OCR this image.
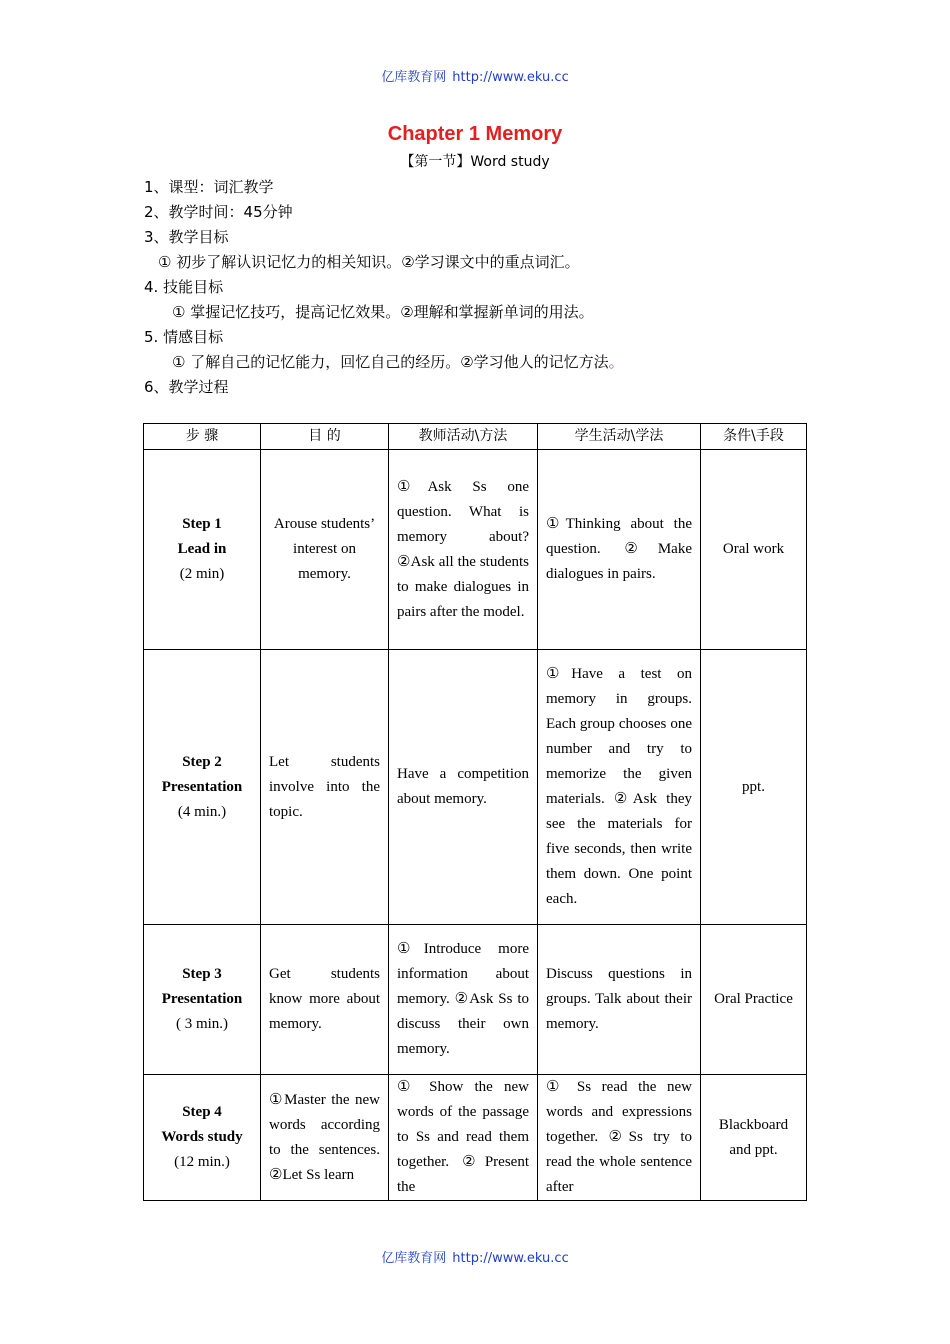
亿库教育网 http://www.eku.cc
Chapter 1 Memory
【第一节】Word study
1、课型：词汇教学
2、教学时间：45分钟
3、教学目标
① 初步了解认识记忆力的相关知识。②学习课文中的重点词汇。
4. 技能目标
① 掌握记忆技巧，提高记忆效果。②理解和掌握新单词的用法。
5. 情感目标
① 了解自己的记忆能力，回忆自己的经历。②学习他人的记忆方法。
6、教学过程
步 骤	目 的	教师活动\方法	学生活动\学法	条件\手段

Step 1
Lead in
(2 min)	Arouse students’ interest on memory.	①Ask Ss one question. What is memory about? ②Ask all the students to make dialogues in pairs after the model.	①Thinking about the question. ②Make dialogues in pairs.	Oral work

Step 2
Presentation
(4 min.)	Let students involve into the topic.	Have a competition about memory.	①Have a test on memory in groups. Each group chooses one number and try to memorize the given materials. ②Ask they see the materials for five seconds, then write them down. One point each.	ppt.

Step 3
Presentation
( 3 min.)	Get students know more about memory.	①Introduce more information about memory. ②Ask Ss to discuss their own memory.	Discuss questions in groups. Talk about their memory.	Oral Practice

Step 4
Words study
(12 min.)	①Master the new words according to the sentences. ②Let Ss learn	① Show the new words of the passage to Ss and read them together. ②Present the	① Ss read the new words and expressions together. ②Ss try to read the whole sentence after	Blackboard and ppt.
亿库教育网 http://www.eku.cc
